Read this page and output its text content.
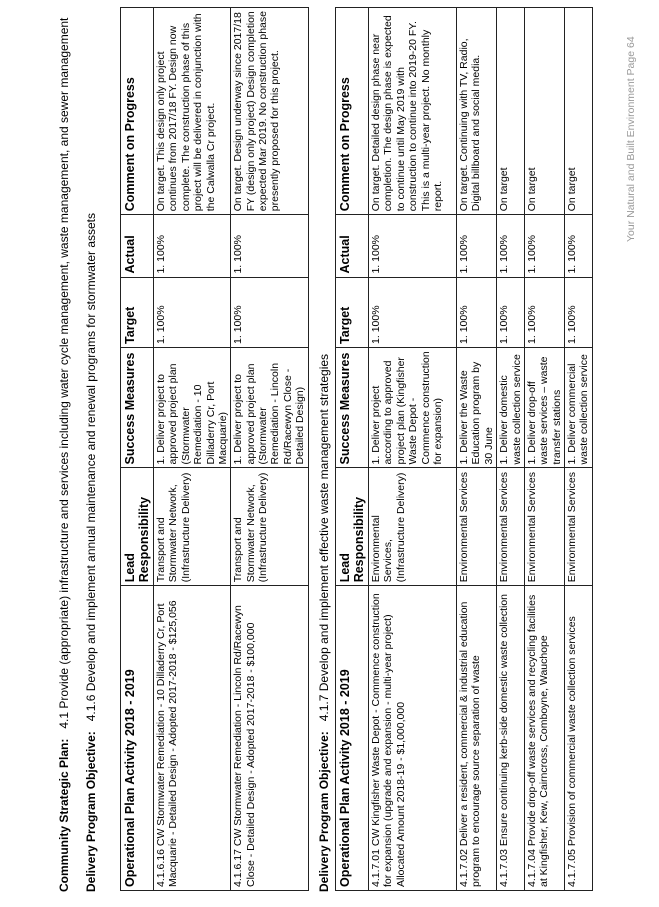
Community Strategic Plan:4.1 Provide (appropriate) infrastructure and services including water cycle management, waste management, and sewer management
Delivery Program Objective:4.1.6 Develop and implement annual maintenance and renewal programs for stormwater assets
Operational Plan Activity 2018 - 2019	Lead Responsibility	Success Measures	Target	Actual	Comment on Progress
4.1.6.16 CW Stormwater Remediation - 10 Dilladerry Cr, Port Macquarie - Detailed Design - Adopted 2017-2018 - $125,056	Transport and Stormwater Network, (Infrastructure Delivery)	1. Deliver project to approved project plan (Stormwater Remediation - 10 Dilladerry Cr, Port Macquarie)	1. 100%	1. 100%	On target. This design only project continues from 2017/18 FY. Design now complete. The construction phase of this project will be delivered in conjunction with the Calwalla Cr project.
4.1.6.17 CW Stormwater Remediation - Lincoln Rd/Racewyn Close - Detailed Design - Adopted 2017-2018 - $100,000	Transport and Stormwater Network, (Infrastructure Delivery)	1. Deliver project to approved project plan (Stormwater Remediation - Lincoln Rd/Racewyn Close - Detailed Design)	1. 100%	1. 100%	On target. Design underway since 2017/18 FY (design only project) Design completion expected Mar 2019. No construction phase presently proposed for this project.
Delivery Program Objective:4.1.7 Develop and implement effective waste management strategies
Operational Plan Activity 2018 - 2019	Lead Responsibility	Success Measures	Target	Actual	Comment on Progress
4.1.7.01 CW Kingfisher Waste Depot - Commence construction for expansion (upgrade and expansion - multi-year project) Allocated Amount 2018-19 - $1,000,000	Environmental Services, (Infrastructure Delivery)	1. Deliver project according to approved project plan (Kingfisher Waste Depot - Commence construction for expansion)	1. 100%	1. 100%	On target. Detailed design phase near completion. The design phase is expected to continue until May 2019 with construction to continue into 2019-20 FY. This is a multi-year project. No monthly report.
4.1.7.02 Deliver a resident, commercial & industrial education program to encourage source separation of waste	Environmental Services	1. Deliver the Waste Education program by 30 June	1. 100%	1. 100%	On target. Continuing with TV, Radio, Digital billboard and social media.
4.1.7.03 Ensure continuing kerb-side domestic waste collection	Environmental Services	1. Deliver domestic waste collection service	1. 100%	1. 100%	On target
4.1.7.04 Provide drop-off waste services and recycling facilities at Kingfisher, Kew, Cairncross, Comboyne, Wauchope	Environmental Services	1. Deliver drop-off waste services – waste transfer stations	1. 100%	1. 100%	On target
4.1.7.05 Provision of commercial waste collection services	Environmental Services	1. Deliver commercial waste collection service	1. 100%	1. 100%	On target	Your Natural and Built Environment Page 64
